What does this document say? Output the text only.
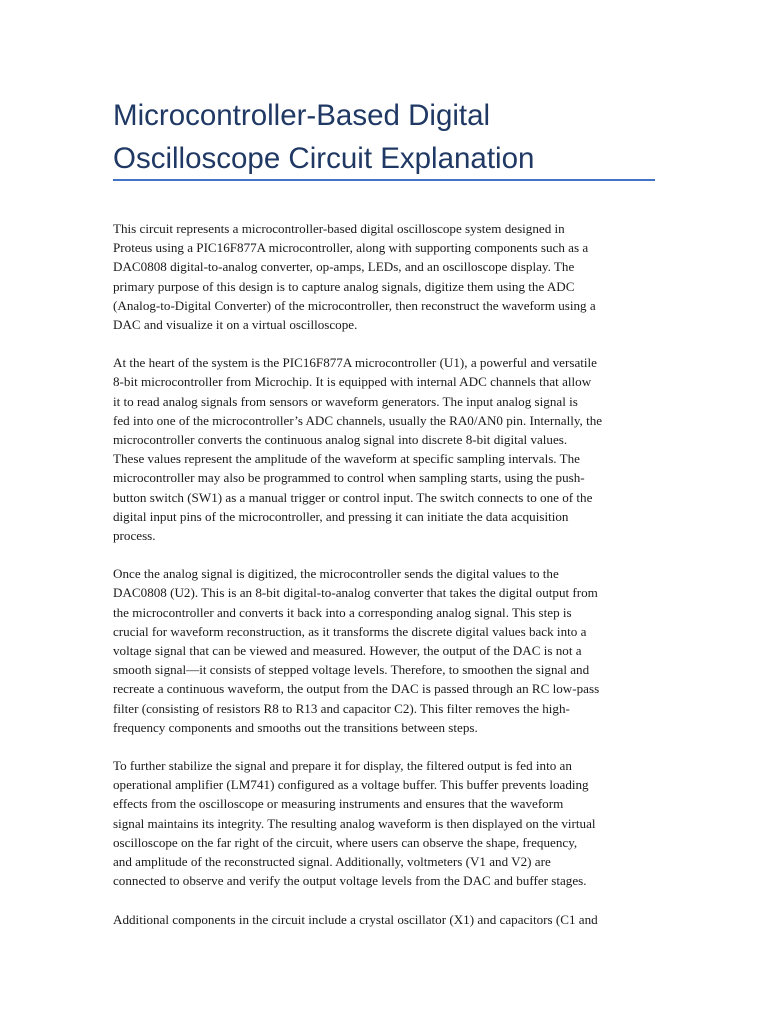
Microcontroller-Based Digital
Oscilloscope Circuit Explanation

This circuit represents a microcontroller-based digital oscilloscope system designed in
Proteus using a PIC16F877A microcontroller, along with supporting components such as a
DAC0808 digital-to-analog converter, op-amps, LEDs, and an oscilloscope display. The
primary purpose of this design is to capture analog signals, digitize them using the ADC
(Analog-to-Digital Converter) of the microcontroller, then reconstruct the waveform using a
DAC and visualize it on a virtual oscilloscope.

At the heart of the system is the PIC16F877A microcontroller (U1), a powerful and versatile
8-bit microcontroller from Microchip. It is equipped with internal ADC channels that allow
it to read analog signals from sensors or waveform generators. The input analog signal is
fed into one of the microcontroller’s ADC channels, usually the RA0/AN0 pin. Internally, the
microcontroller converts the continuous analog signal into discrete 8-bit digital values.
These values represent the amplitude of the waveform at specific sampling intervals. The
microcontroller may also be programmed to control when sampling starts, using the push-
button switch (SW1) as a manual trigger or control input. The switch connects to one of the
digital input pins of the microcontroller, and pressing it can initiate the data acquisition
process.

Once the analog signal is digitized, the microcontroller sends the digital values to the
DAC0808 (U2). This is an 8-bit digital-to-analog converter that takes the digital output from
the microcontroller and converts it back into a corresponding analog signal. This step is
crucial for waveform reconstruction, as it transforms the discrete digital values back into a
voltage signal that can be viewed and measured. However, the output of the DAC is not a
smooth signal—it consists of stepped voltage levels. Therefore, to smoothen the signal and
recreate a continuous waveform, the output from the DAC is passed through an RC low-pass
filter (consisting of resistors R8 to R13 and capacitor C2). This filter removes the high-
frequency components and smooths out the transitions between steps.

To further stabilize the signal and prepare it for display, the filtered output is fed into an
operational amplifier (LM741) configured as a voltage buffer. This buffer prevents loading
effects from the oscilloscope or measuring instruments and ensures that the waveform
signal maintains its integrity. The resulting analog waveform is then displayed on the virtual
oscilloscope on the far right of the circuit, where users can observe the shape, frequency,
and amplitude of the reconstructed signal. Additionally, voltmeters (V1 and V2) are
connected to observe and verify the output voltage levels from the DAC and buffer stages.

Additional components in the circuit include a crystal oscillator (X1) and capacitors (C1 and
